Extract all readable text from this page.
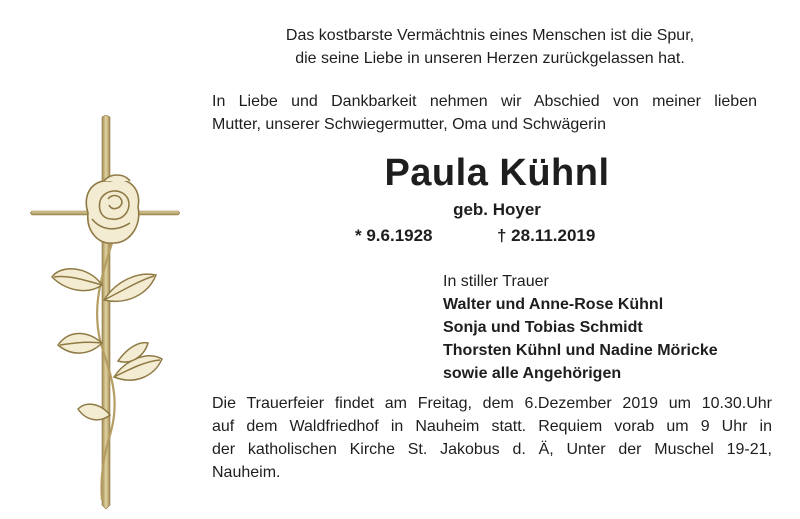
Das kostbarste Vermächtnis eines Menschen ist die Spur,
die seine Liebe in unseren Herzen zurückgelassen hat.
In Liebe und Dankbarkeit nehmen wir Abschied von meiner lieben
Mutter, unserer Schwiegermutter, Oma und Schwägerin
Paula Kühnl
geb. Hoyer
* 9.6.1928	† 28.11.2019
In stiller Trauer
Walter und Anne-Rose Kühnl
Sonja und Tobias Schmidt
Thorsten Kühnl und Nadine Möricke
sowie alle Angehörigen
Die Trauerfeier findet am Freitag, dem 6.Dezember 2019 um 10.30.Uhr
auf dem Waldfriedhof in Nauheim statt. Requiem vorab um 9 Uhr in
der katholischen Kirche St. Jakobus d. Ä, Unter der Muschel 19-21,
Nauheim.
